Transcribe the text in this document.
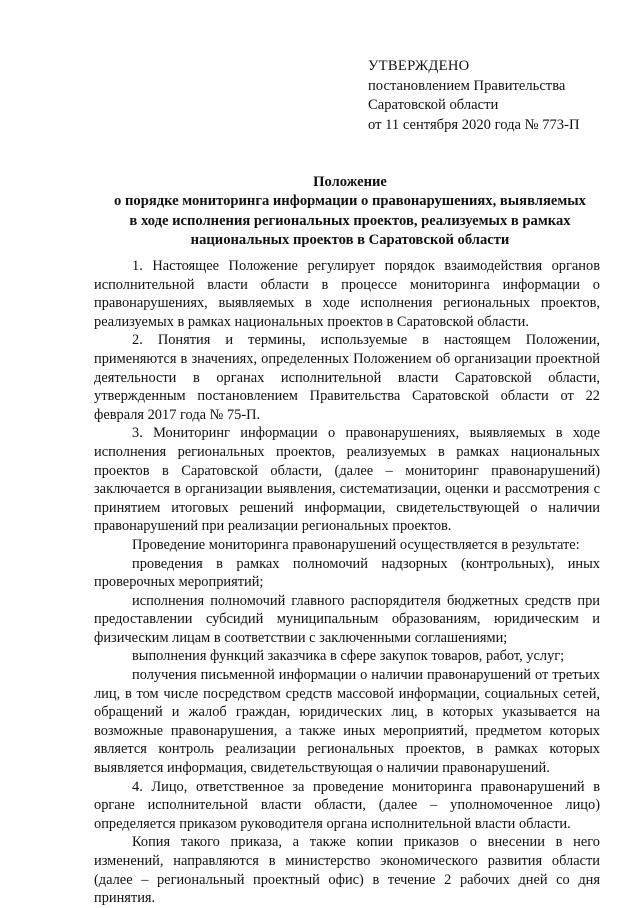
УТВЕРЖДЕНО
постановлением Правительства
Саратовской области
от 11 сентября 2020 года № 773-П
Положение
о порядке мониторинга информации о правонарушениях, выявляемых
в ходе исполнения региональных проектов, реализуемых в рамках
национальных проектов в Саратовской области

1. Настоящее Положение регулирует порядок взаимодействия органов исполнительной власти области в процессе мониторинга информации о правонарушениях, выявляемых в ходе исполнения региональных проектов, реализуемых в рамках национальных проектов в Саратовской области.

2. Понятия и термины, используемые в настоящем Положении, применяются в значениях, определенных Положением об организации проектной деятельности в органах исполнительной власти Саратовской области, утвержденным постановлением Правительства Саратовской области от 22 февраля 2017 года № 75-П.

3. Мониторинг информации о правонарушениях, выявляемых в ходе исполнения региональных проектов, реализуемых в рамках национальных проектов в Саратовской области, (далее – мониторинг правонарушений) заключается в организации выявления, систематизации, оценки и рассмотрения с принятием итоговых решений информации, свидетельствующей о наличии правонарушений при реализации региональных проектов.

Проведение мониторинга правонарушений осуществляется в результате:

проведения в рамках полномочий надзорных (контрольных), иных проверочных мероприятий;

исполнения полномочий главного распорядителя бюджетных средств при предоставлении субсидий муниципальным образованиям, юридическим и физическим лицам в соответствии с заключенными соглашениями;

выполнения функций заказчика в сфере закупок товаров, работ, услуг;

получения письменной информации о наличии правонарушений от третьих лиц, в том числе посредством средств массовой информации, социальных сетей, обращений и жалоб граждан, юридических лиц, в которых указывается на возможные правонарушения, а также иных мероприятий, предметом которых является контроль реализации региональных проектов, в рамках которых выявляется информация, свидетельствующая о наличии правонарушений.

4. Лицо, ответственное за проведение мониторинга правонарушений в органе исполнительной власти области, (далее – уполномоченное лицо) определяется приказом руководителя органа исполнительной власти области.

Копия такого приказа, а также копии приказов о внесении в него изменений, направляются в министерство экономического развития области (далее – региональный проектный офис) в течение 2 рабочих дней со дня принятия.
